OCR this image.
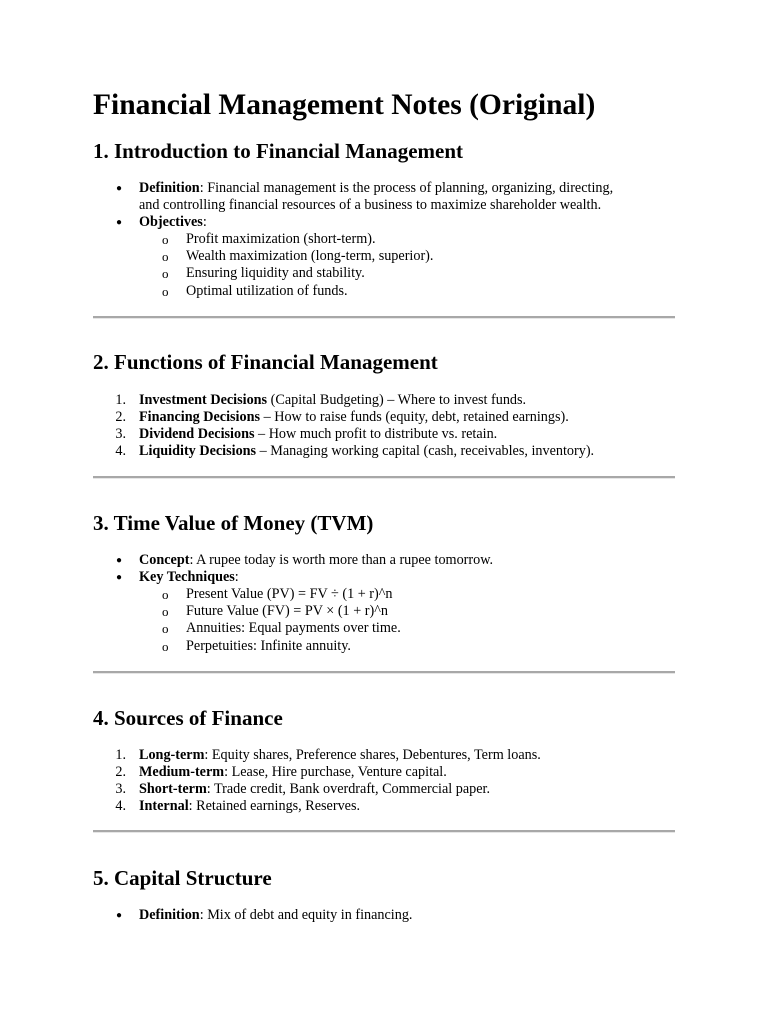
Financial Management Notes (Original)
1. Introduction to Financial Management
● Definition: Financial management is the process of planning, organizing, directing,
and controlling financial resources of a business to maximize shareholder wealth.
● Objectives:
o Profit maximization (short-term).
o Wealth maximization (long-term, superior).
o Ensuring liquidity and stability.
o Optimal utilization of funds.
2. Functions of Financial Management
1. Investment Decisions (Capital Budgeting) – Where to invest funds.
2. Financing Decisions – How to raise funds (equity, debt, retained earnings).
3. Dividend Decisions – How much profit to distribute vs. retain.
4. Liquidity Decisions – Managing working capital (cash, receivables, inventory).
3. Time Value of Money (TVM)
● Concept: A rupee today is worth more than a rupee tomorrow.
● Key Techniques:
o Present Value (PV) = FV ÷ (1 + r)^n
o Future Value (FV) = PV × (1 + r)^n
o Annuities: Equal payments over time.
o Perpetuities: Infinite annuity.
4. Sources of Finance
1. Long-term: Equity shares, Preference shares, Debentures, Term loans.
2. Medium-term: Lease, Hire purchase, Venture capital.
3. Short-term: Trade credit, Bank overdraft, Commercial paper.
4. Internal: Retained earnings, Reserves.
5. Capital Structure
● Definition: Mix of debt and equity in financing.
